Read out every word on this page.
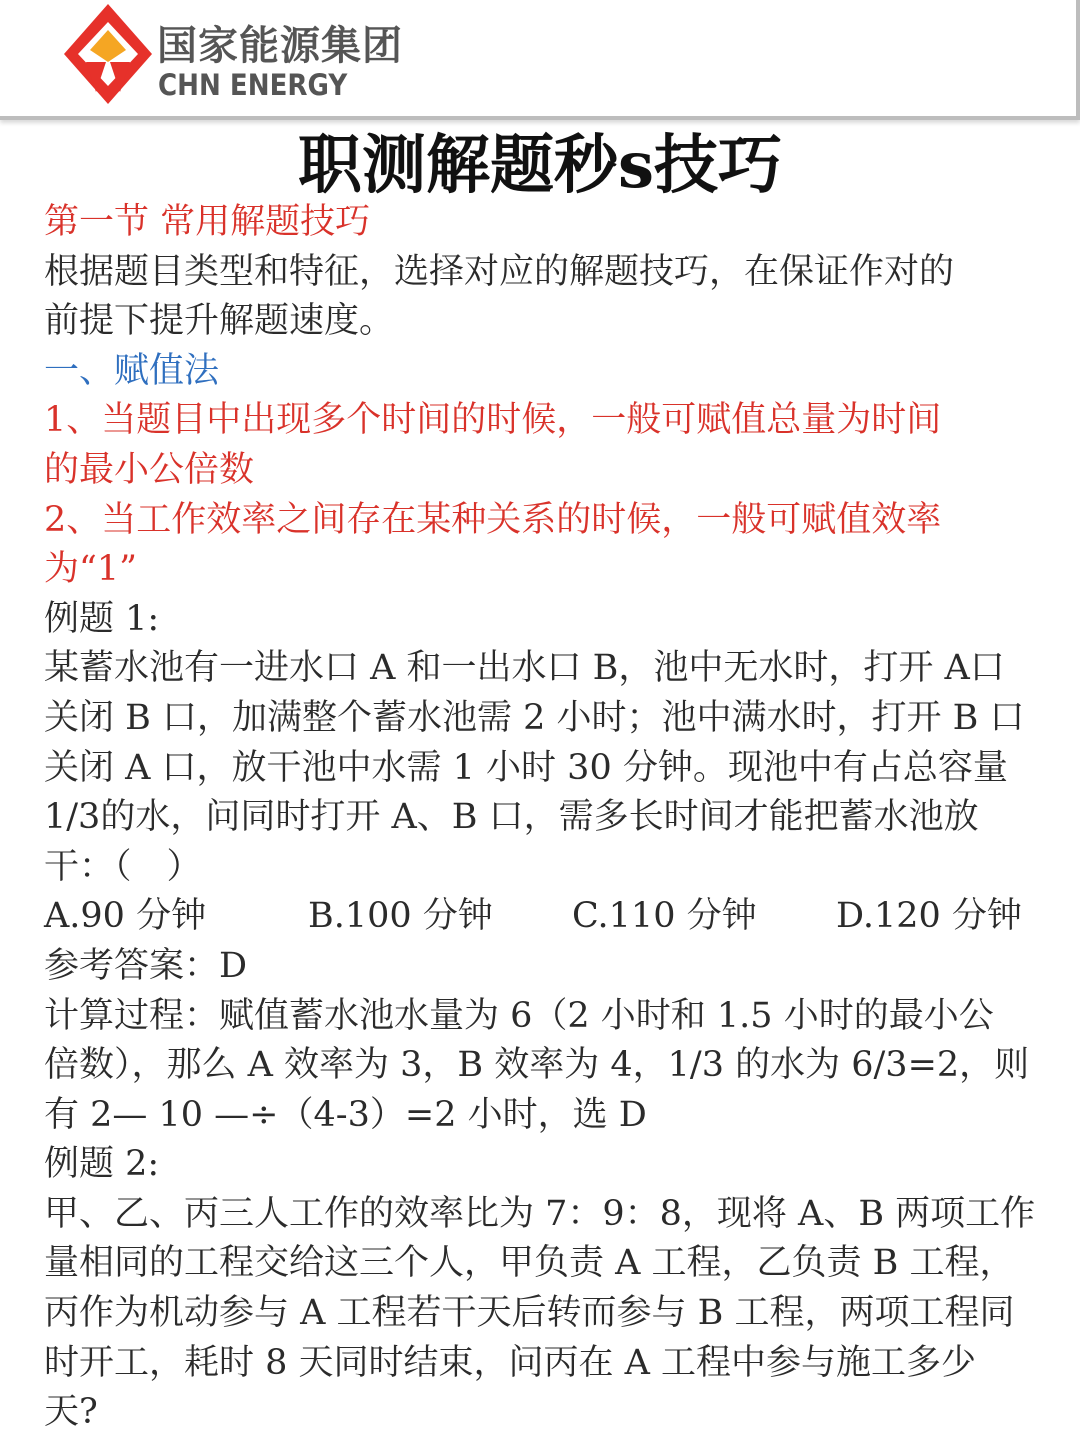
国家能源集团
CHN ENERGY
职测解题秒s技巧
第一节 常用解题技巧
根据题目类型和特征，选择对应的解题技巧，在保证作对的
前提下提升解题速度。
一、赋值法
1、当题目中出现多个时间的时候，一般可赋值总量为时间
的最小公倍数
2、当工作效率之间存在某种关系的时候，一般可赋值效率
为“1”
例题 1:
某蓄水池有一进水口 A 和一出水口 B，池中无水时，打开 A口
关闭 B 口，加满整个蓄水池需 2 小时；池中满水时，打开 B 口
关闭 A 口，放干池中水需 1 小时 30 分钟。现池中有占总容量
1/3的水，问同时打开 A、B 口，需多长时间才能把蓄水池放
干：（　）
A.90 分钟	B.100 分钟	C.110 分钟	D.120 分钟
参考答案：D
计算过程：赋值蓄水池水量为 6（2 小时和 1.5 小时的最小公
倍数），那么 A 效率为 3，B 效率为 4，1/3 的水为 6/3=2，则
有 2— 10 —÷（4-3）=2 小时，选 D
例题 2:
甲、乙、丙三人工作的效率比为 7：9：8，现将 A、B 两项工作
量相同的工程交给这三个人，甲负责 A 工程，乙负责 B 工程，
丙作为机动参与 A 工程若干天后转而参与 B 工程，两项工程同
时开工，耗时 8 天同时结束，问丙在 A 工程中参与施工多少
天?
